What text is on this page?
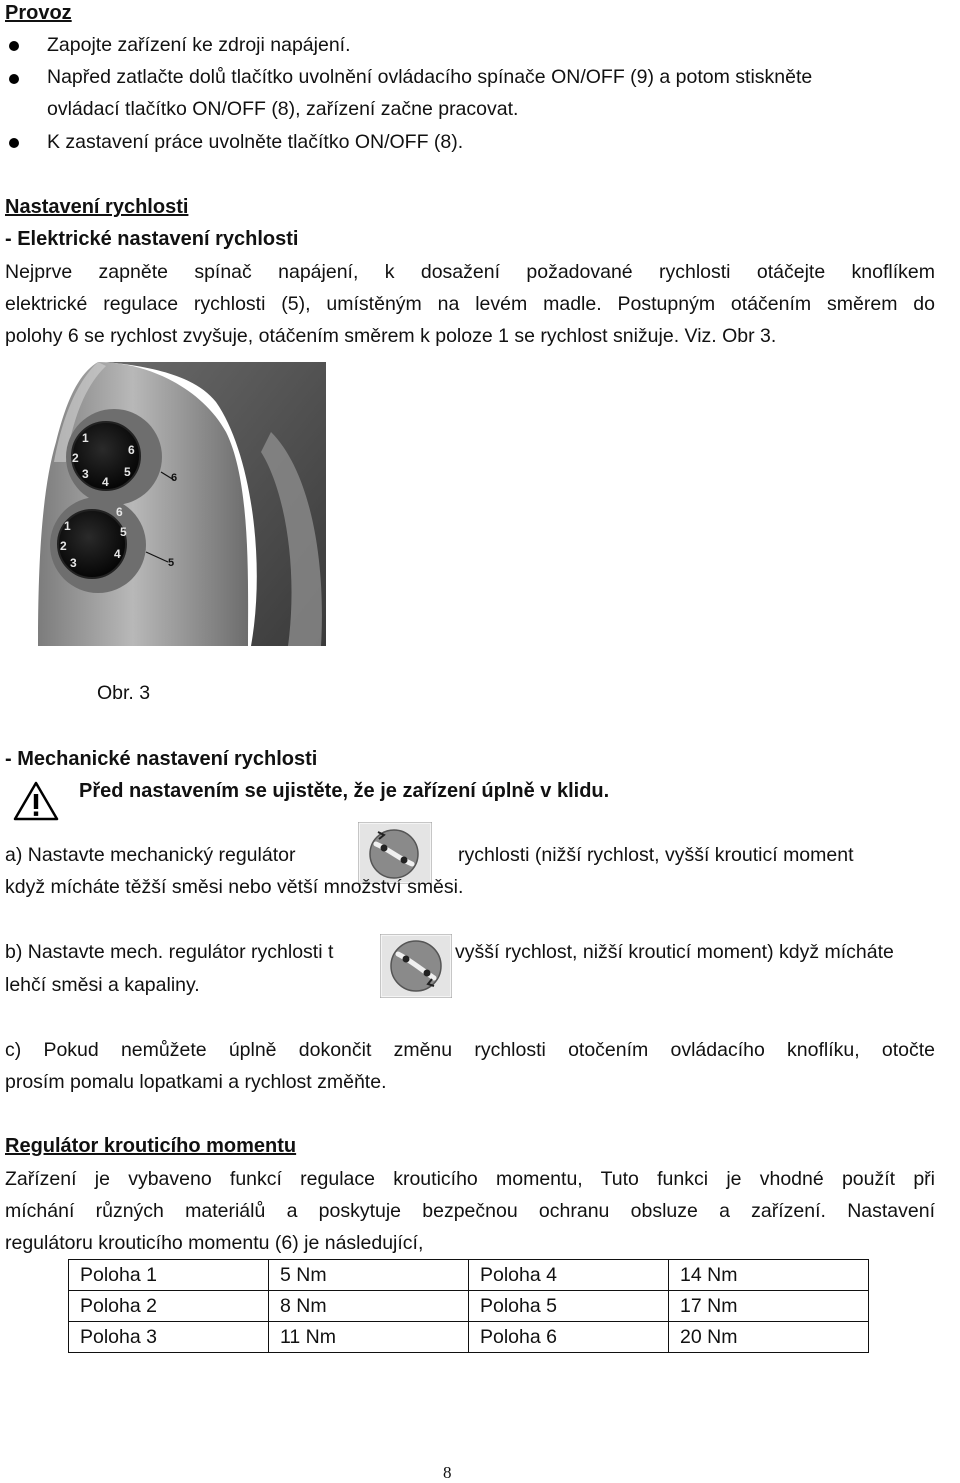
Provoz
Zapojte zařízení ke zdroji napájení.
Napřed zatlačte dolů tlačítko uvolnění ovládacího spínače ON/OFF (9) a potom stiskněte
ovládací tlačítko ON/OFF (8), zařízení začne pracovat.
K zastavení práce uvolněte tlačítko ON/OFF (8).
Nastavení rychlosti
- Elektrické nastavení rychlosti
Nejprve zapněte spínač napájení, k dosažení požadované rychlosti otáčejte knoflíkem
elektrické regulace rychlosti (5), umístěným na levém madle. Postupným otáčením směrem do
polohy 6 se rychlost zvyšuje, otáčením směrem k poloze 1 se rychlost snižuje. Viz. Obr 3.
1
2
3
4
5
6
1
2
3
4
5
6
6
5
Obr. 3
- Mechanické nastavení rychlosti
Před nastavením se ujistěte, že je zařízení úplně v klidu.
a) Nastavte mechanický regulátor	rychlosti (nižší rychlost, vyšší krouticí moment
když mícháte těžší směsi nebo větší množství směsi.
b) Nastavte mech. regulátor rychlosti t	vyšší rychlost, nižší krouticí moment) když mícháte
lehčí směsi a kapaliny.
c) Pokud nemůžete úplně dokončit změnu rychlosti otočením ovládacího knoflíku, otočte
prosím pomalu lopatkami a rychlost změňte.
Regulátor krouticího momentu
Zařízení je vybaveno funkcí regulace krouticího momentu, Tuto funkci je vhodné použít při
míchání různých materiálů a poskytuje bezpečnou ochranu obsluze a zařízení. Nastavení
regulátoru krouticího momentu (6) je následující,
Poloha 1	5 Nm	Poloha 4	14 Nm
Poloha 2	8 Nm	Poloha 5	17 Nm
Poloha 3	11 Nm	Poloha 6	20 Nm
8
